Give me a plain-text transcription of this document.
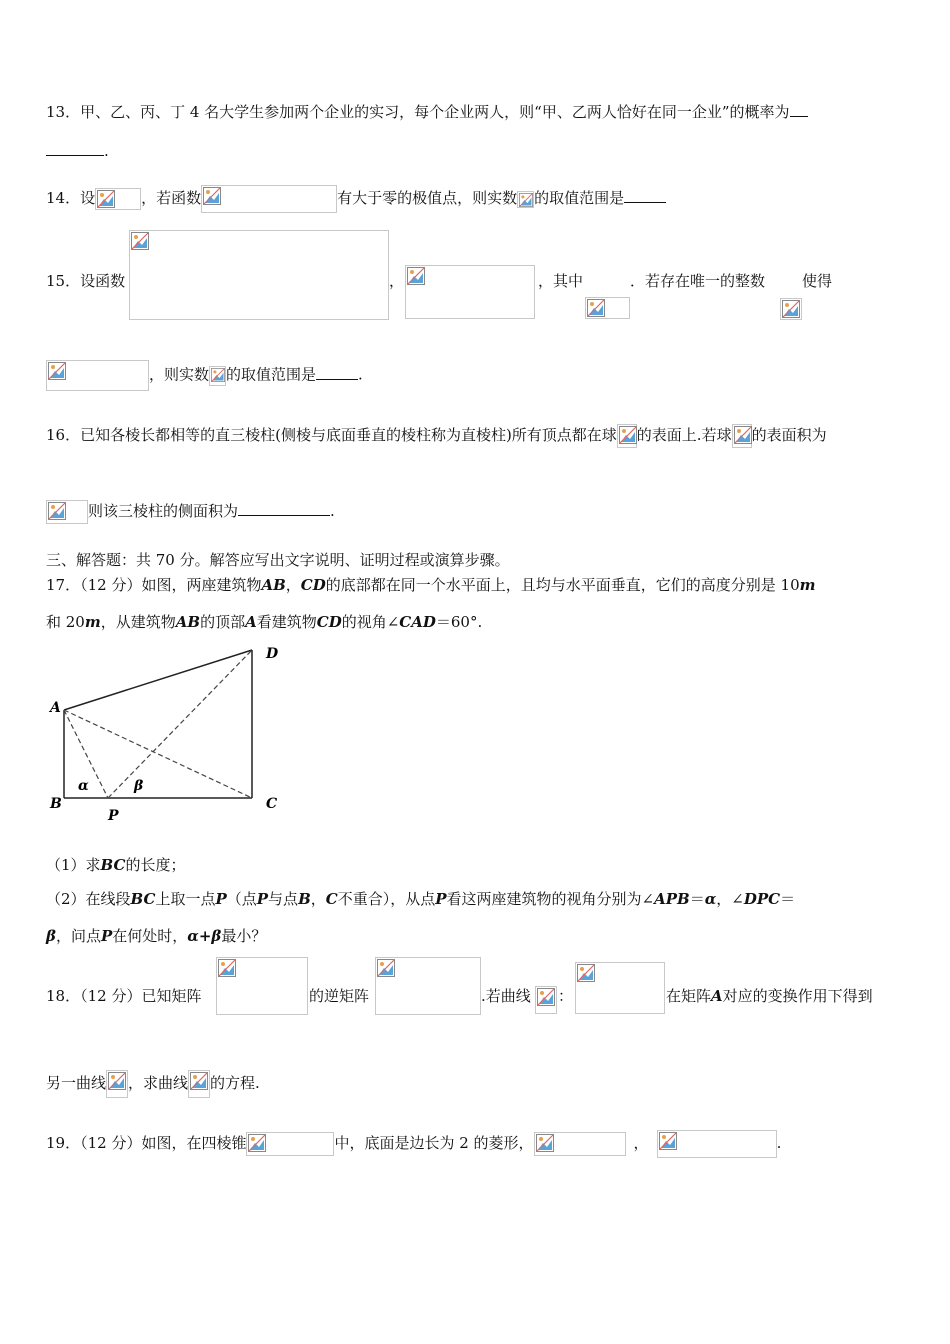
13．甲、乙、丙、丁 4 名大学生参加两个企业的实习，每个企业两人，则“甲、乙两人恰好在同一企业”的概率为
.
14．设	，若函数	有大于零的极值点，则实数 的取值范围是
15．设函数	，	，其中	．若存在唯一的整数 使得
，则实数 的取值范围是	.
16．已知各棱长都相等的直三棱柱(侧棱与底面垂直的棱柱称为直棱柱)所有顶点都在球 的表面上.若球 的表面积为
则该三棱柱的侧面积为	.
三、解答题：共 70 分。解答应写出文字说明、证明过程或演算步骤。
17．（12 分）如图，两座建筑物AB，CD的底部都在同一个水平面上，且均与水平面垂直，它们的高度分别是 10m
和 20m，从建筑物AB的顶部A看建筑物CD的视角∠CAD＝60°.
A
B	C
D
P
α	β
（1）求BC的长度；
（2）在线段BC上取一点P（点P与点B，C不重合），从点P看这两座建筑物的视角分别为∠APB＝α，∠DPC＝
β，问点P在何处时，α+β最小？
18．（12 分）已知矩阵	的逆矩阵	.若曲线 ：	在矩阵A对应的变换作用下得到
另一曲线 ，求曲线 的方程.
19．（12 分）如图，在四棱锥	中，底面是边长为 2 的菱形，	，	.
